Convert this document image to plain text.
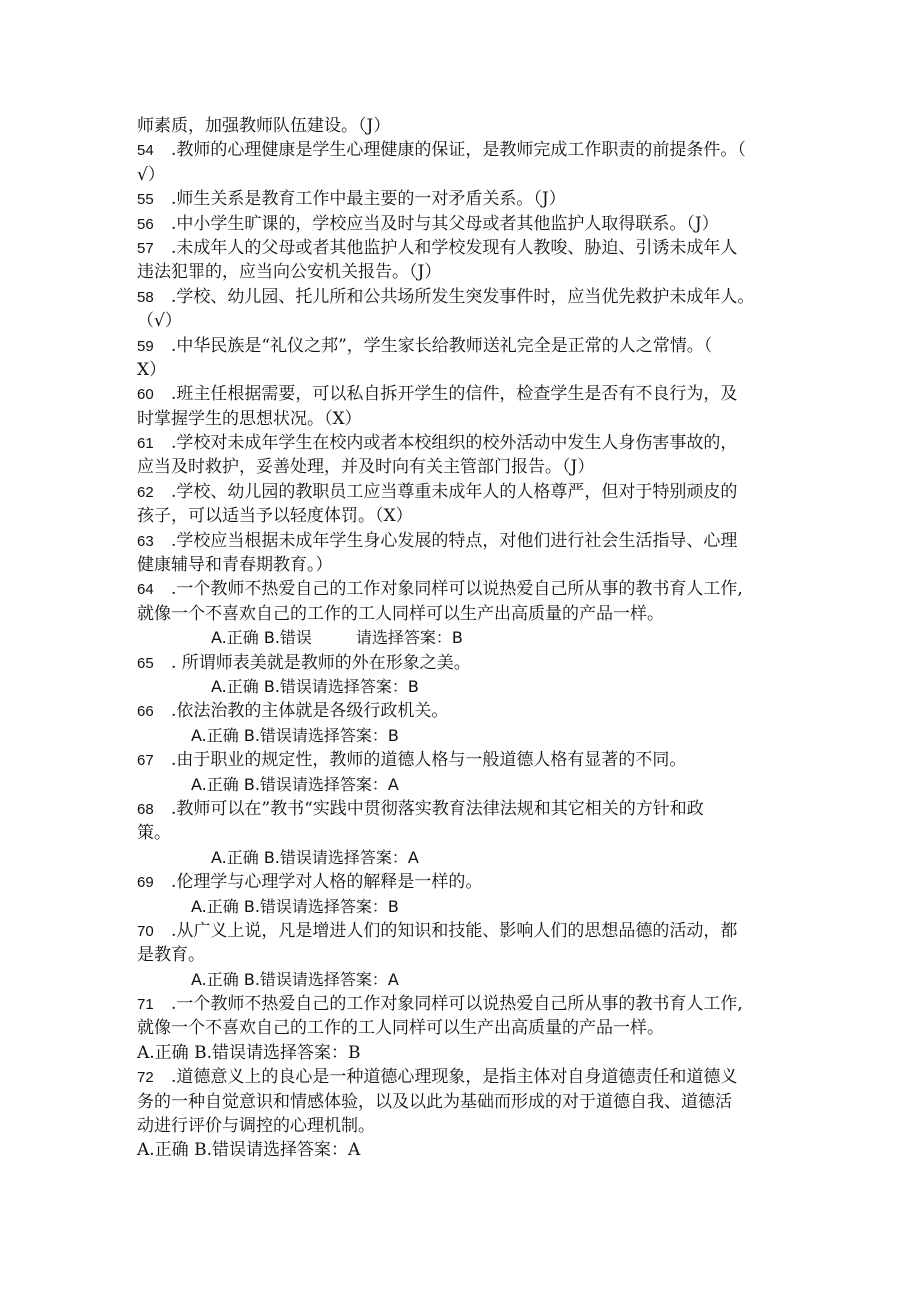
师素质，加强教师队伍建设。（J）
54 .教师的心理健康是学生心理健康的保证，是教师完成工作职责的前提条件。（
√）
55 .师生关系是教育工作中最主要的一对矛盾关系。（J）
56 .中小学生旷课的，学校应当及时与其父母或者其他监护人取得联系。（J）
57 .未成年人的父母或者其他监护人和学校发现有人教唆、胁迫、引诱未成年人
违法犯罪的，应当向公安机关报告。（J）
58 .学校、幼儿园、托儿所和公共场所发生突发事件时，应当优先救护未成年人。
（√）
59 .中华民族是“礼仪之邦”，学生家长给教师送礼完全是正常的人之常情。（
X）
60 .班主任根据需要，可以私自拆开学生的信件，检查学生是否有不良行为，及
时掌握学生的思想状况。（X）
61 .学校对未成年学生在校内或者本校组织的校外活动中发生人身伤害事故的，
应当及时救护，妥善处理，并及时向有关主管部门报告。（J）
62 .学校、幼儿园的教职员工应当尊重未成年人的人格尊严，但对于特别顽皮的
孩子，可以适当予以轻度体罚。（X）
63 .学校应当根据未成年学生身心发展的特点，对他们进行社会生活指导、心理
健康辅导和青春期教育。）
64 .一个教师不热爱自己的工作对象同样可以说热爱自己所从事的教书育人工作,
就像一个不喜欢自己的工作的工人同样可以生产出高质量的产品一样。
A.正确 B.错误	请选择答案：B
65 . 所谓师表美就是教师的外在形象之美。
A.正确 B.错误请选择答案：B
66 .依法治教的主体就是各级行政机关。
A.正确 B.错误请选择答案：B
67 .由于职业的规定性，教师的道德人格与一般道德人格有显著的不同。
A.正确 B.错误请选择答案：A
68 .教师可以在”教书“实践中贯彻落实教育法律法规和其它相关的方针和政
策。
A.正确 B.错误请选择答案：A
69 .伦理学与心理学对人格的解释是一样的。
A.正确 B.错误请选择答案：B
70 .从广义上说，凡是增进人们的知识和技能、影响人们的思想品德的活动，都
是教育。
A.正确 B.错误请选择答案：A
71 .一个教师不热爱自己的工作对象同样可以说热爱自己所从事的教书育人工作,
就像一个不喜欢自己的工作的工人同样可以生产出高质量的产品一样。
A.正确 B.错误请选择答案：B
72 .道德意义上的良心是一种道德心理现象，是指主体对自身道德责任和道德义
务的一种自觉意识和情感体验，以及以此为基础而形成的对于道德自我、道德活
动进行评价与调控的心理机制。
A.正确 B.错误请选择答案：A
